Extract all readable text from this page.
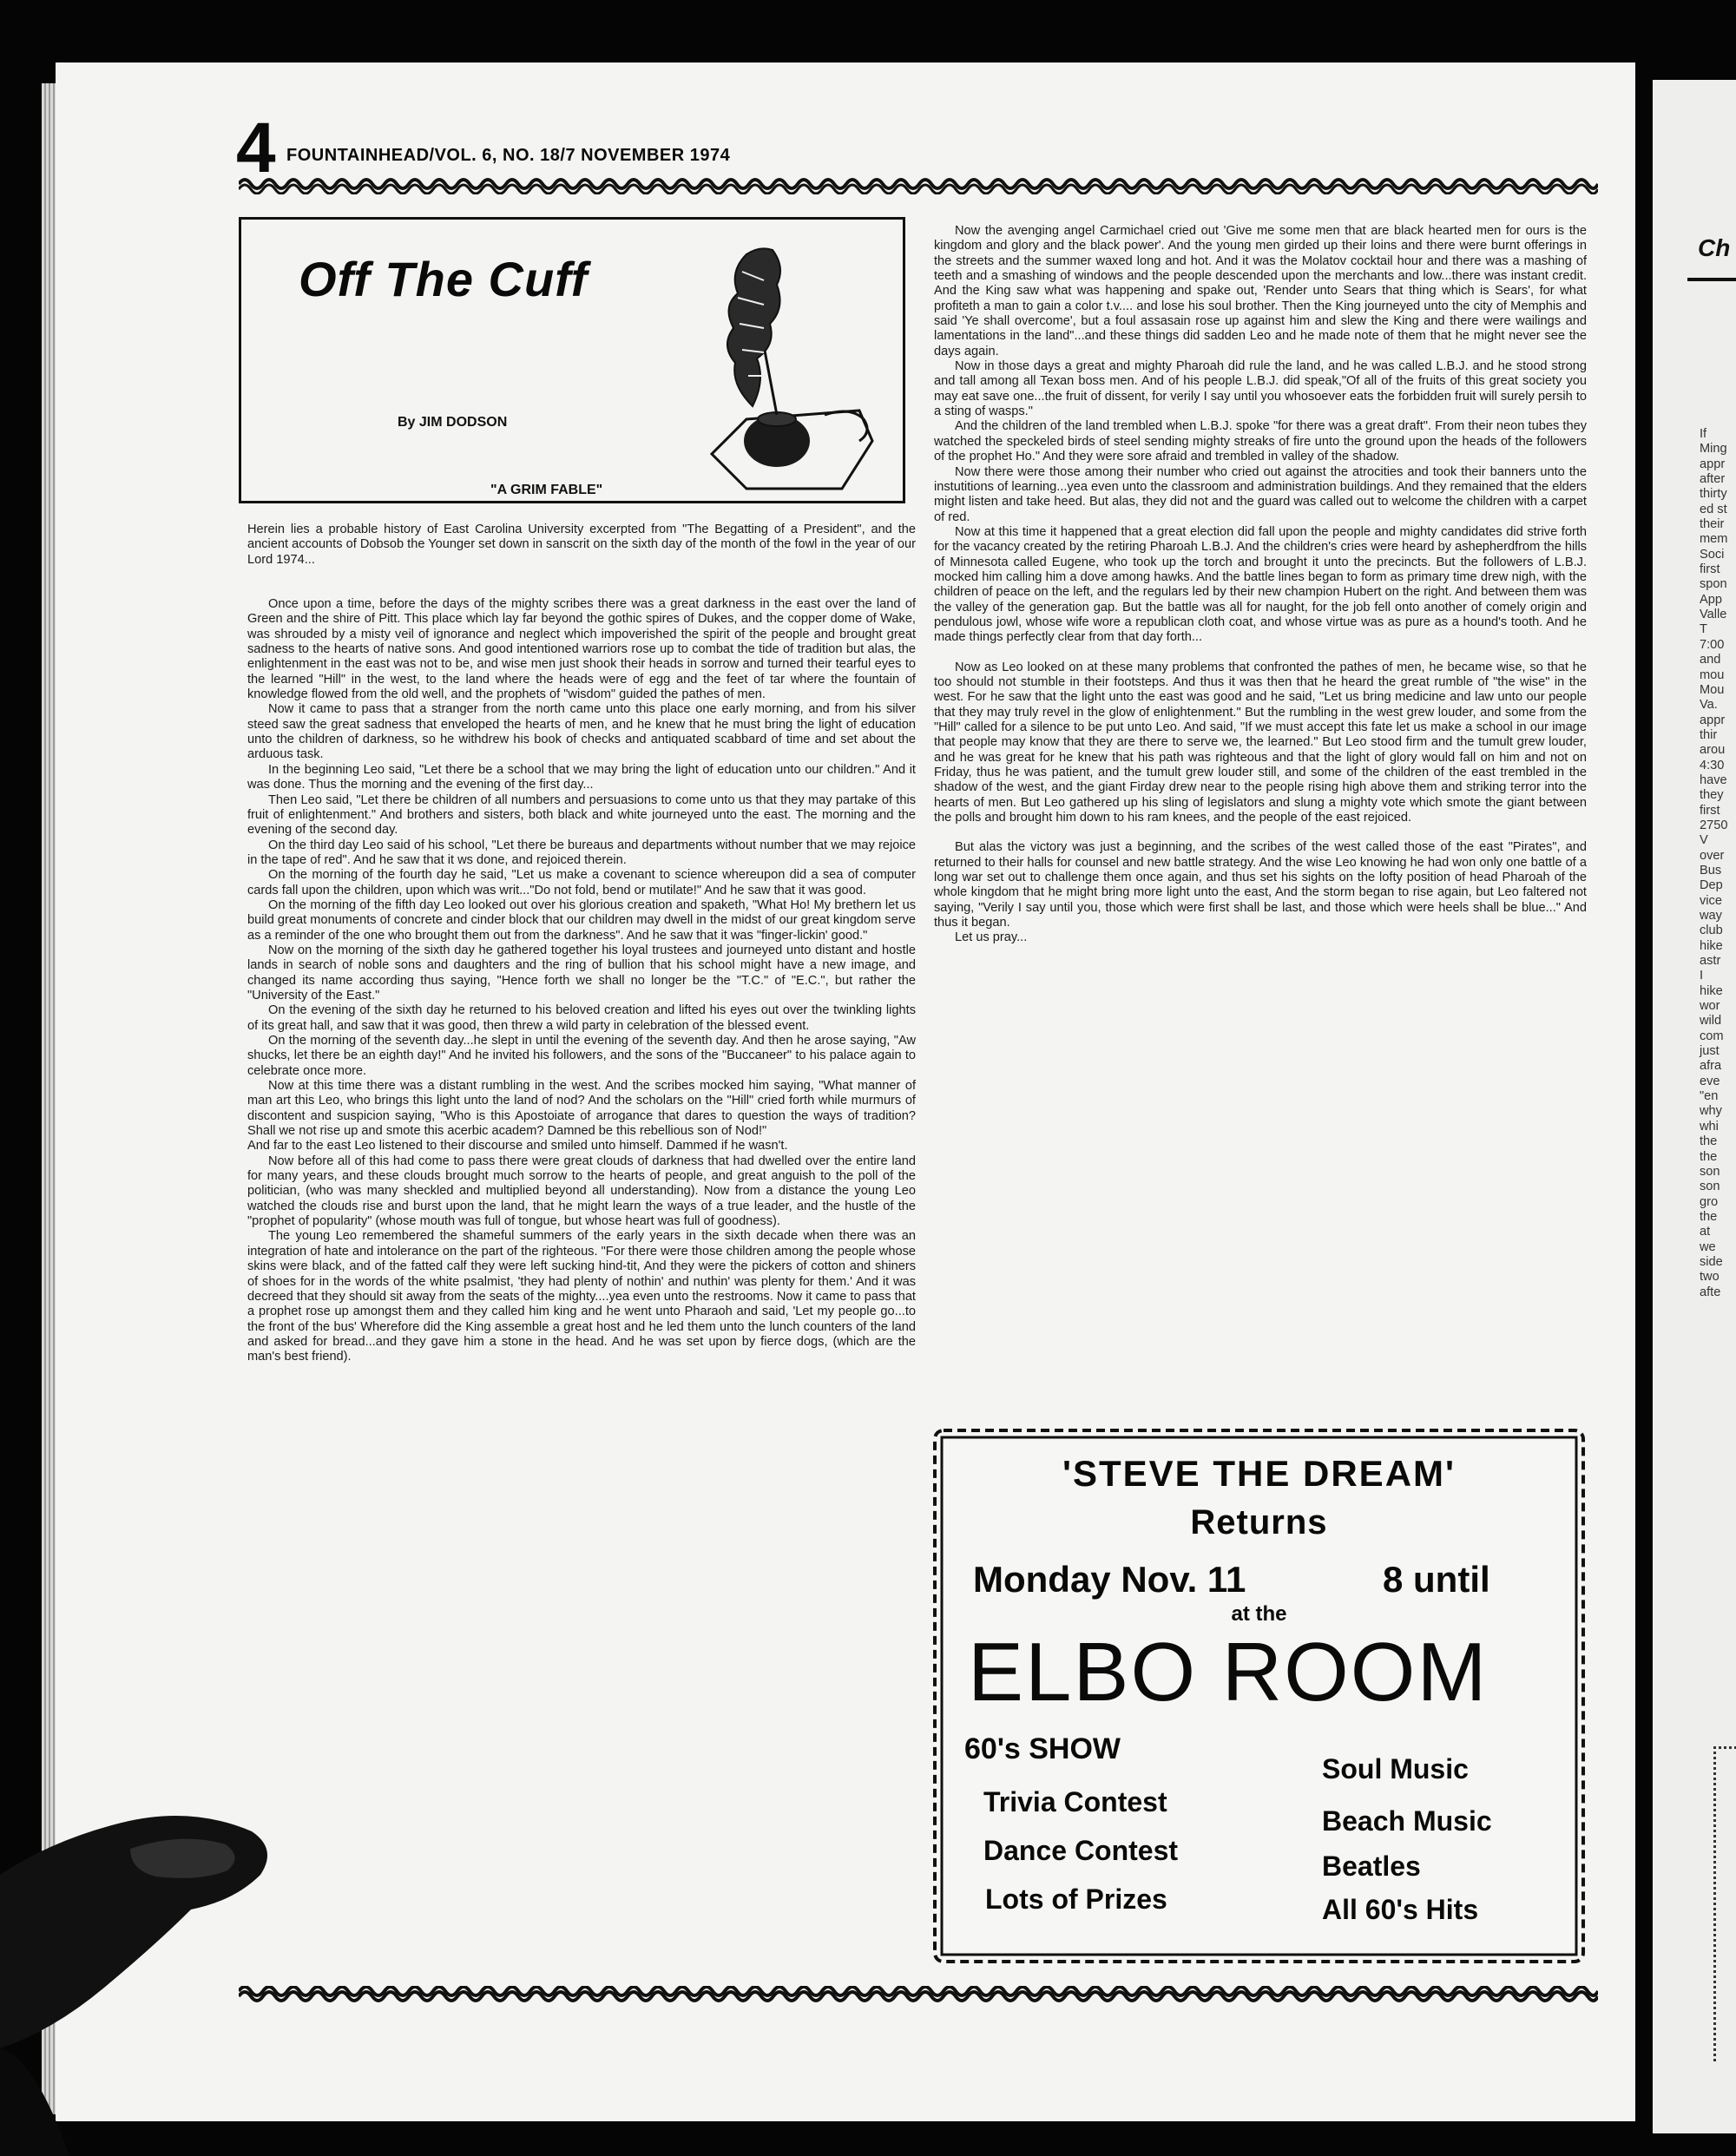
4 FOUNTAINHEAD/VOL. 6, NO. 18/7 NOVEMBER 1974
Off The Cuff
By JIM DODSON
"A GRIM FABLE"

Herein lies a probable history of East Carolina University excerpted from "The Begatting of a President", and the ancient accounts of Dobsob the Younger set down in sanscrit on the sixth day of the month of the fowl in the year of our Lord 1974...

Once upon a time, before the days of the mighty scribes there was a great darkness in the east over the land of Green and the shire of Pitt. This place which lay far beyond the gothic spires of Dukes, and the copper dome of Wake, was shrouded by a misty veil of ignorance and neglect which impoverished the spirit of the people and brought great sadness to the hearts of native sons. And good intentioned warriors rose up to combat the tide of tradition but alas, the enlightenment in the east was not to be, and wise men just shook their heads in sorrow and turned their tearful eyes to the learned "Hill" in the west, to the land where the heads were of egg and the feet of tar where the fountain of knowledge flowed from the old well, and the prophets of "wisdom" guided the pathes of men.

Now it came to pass that a stranger from the north came unto this place one early morning, and from his silver steed saw the great sadness that enveloped the hearts of men, and he knew that he must bring the light of education unto the children of darkness, so he withdrew his book of checks and antiquated scabbard of time and set about the arduous task.

In the beginning Leo said, "Let there be a school that we may bring the light of education unto our children." And it was done. Thus the morning and the evening of the first day...

Then Leo said, "Let there be children of all numbers and persuasions to come unto us that they may partake of this fruit of enlightenment." And brothers and sisters, both black and white journeyed unto the east. The morning and the evening of the second day.

On the third day Leo said of his school, "Let there be bureaus and departments without number that we may rejoice in the tape of red". And he saw that it ws done, and rejoiced therein.

On the morning of the fourth day he said, "Let us make a covenant to science whereupon did a sea of computer cards fall upon the children, upon which was writ..."Do not fold, bend or mutilate!" And he saw that it was good.

On the morning of the fifth day Leo looked out over his glorious creation and spaketh, "What Ho! My brethern let us build great monuments of concrete and cinder block that our children may dwell in the midst of our great kingdom serve as a reminder of the one who brought them out from the darkness". And he saw that it was "finger-lickin' good."

Now on the morning of the sixth day he gathered together his loyal trustees and journeyed unto distant and hostle lands in search of noble sons and daughters and the ring of bullion that his school might have a new image, and changed its name according thus saying, "Hence forth we shall no longer be the "T.C." of "E.C.", but rather the "University of the East."

On the evening of the sixth day he returned to his beloved creation and lifted his eyes out over the twinkling lights of its great hall, and saw that it was good, then threw a wild party in celebration of the blessed event.

On the morning of the seventh day...he slept in until the evening of the seventh day. And then he arose saying, "Aw shucks, let there be an eighth day!" And he invited his followers, and the sons of the "Buccaneer" to his palace again to celebrate once more.

Now at this time there was a distant rumbling in the west. And the scribes mocked him saying, "What manner of man art this Leo, who brings this light unto the land of nod? And the scholars on the "Hill" cried forth while murmurs of discontent and suspicion saying, "Who is this Apostoiate of arrogance that dares to question the ways of tradition? Shall we not rise up and smote this acerbic academ? Damned be this rebellious son of Nod!"

And far to the east Leo listened to their discourse and smiled unto himself. Dammed if he wasn't.

Now before all of this had come to pass there were great clouds of darkness that had dwelled over the entire land for many years, and these clouds brought much sorrow to the hearts of people, and great anguish to the poll of the politician, (who was many sheckled and multiplied beyond all understanding). Now from a distance the young Leo watched the clouds rise and burst upon the land, that he might learn the ways of a true leader, and the hustle of the "prophet of popularity" (whose mouth was full of tongue, but whose heart was full of goodness).

The young Leo remembered the shameful summers of the early years in the sixth decade when there was an integration of hate and intolerance on the part of the righteous. "For there were those children among the people whose skins were black, and of the fatted calf they were left sucking hind-tit, And they were the pickers of cotton and shiners of shoes for in the words of the white psalmist, 'they had plenty of nothin' and nuthin' was plenty for them.' And it was decreed that they should sit away from the seats of the mighty....yea even unto the restrooms. Now it came to pass that a prophet rose up amongst them and they called him king and he went unto Pharaoh and said, 'Let my people go...to the front of the bus' Wherefore did the King assemble a great host and he led them unto the lunch counters of the land and asked for bread...and they gave him a stone in the head. And he was set upon by fierce dogs, (which are the man's best friend).

Now the avenging angel Carmichael cried out 'Give me some men that are black hearted men for ours is the kingdom and glory and the black power'. And the young men girded up their loins and there were burnt offerings in the streets and the summer waxed long and hot. And it was the Molatov cocktail hour and there was a mashing of teeth and a smashing of windows and the people descended upon the merchants and low...there was instant credit. And the King saw what was happening and spake out, 'Render unto Sears that thing which is Sears', for what profiteth a man to gain a color t.v.... and lose his soul brother. Then the King journeyed unto the city of Memphis and said 'Ye shall overcome', but a foul assasain rose up against him and slew the King and there were wailings and lamentations in the land"...and these things did sadden Leo and he made note of them that he might never see the days again.

Now in those days a great and mighty Pharoah did rule the land, and he was called L.B.J. and he stood strong and tall among all Texan boss men. And of his people L.B.J. did speak,"Of all of the fruits of this great society you may eat save one...the fruit of dissent, for verily I say until you whosoever eats the forbidden fruit will surely persih to a sting of wasps."

And the children of the land trembled when L.B.J. spoke "for there was a great draft". From their neon tubes they watched the speckeled birds of steel sending mighty streaks of fire unto the ground upon the heads of the followers of the prophet Ho." And they were sore afraid and trembled in valley of the shadow.

Now there were those among their number who cried out against the atrocities and took their banners unto the instutitions of learning...yea even unto the classroom and administration buildings. And they remained that the elders might listen and take heed. But alas, they did not and the guard was called out to welcome the children with a carpet of red.

Now at this time it happened that a great election did fall upon the people and mighty candidates did strive forth for the vacancy created by the retiring Pharoah L.B.J. And the children's cries were heard by ashepherdfrom the hills of Minnesota called Eugene, who took up the torch and brought it unto the precincts. But the followers of L.B.J. mocked him calling him a dove among hawks. And the battle lines began to form as primary time drew nigh, with the children of peace on the left, and the regulars led by their new champion Hubert on the right. And between them was the valley of the generation gap. But the battle was all for naught, for the job fell onto another of comely origin and pendulous jowl, whose wife wore a republican cloth coat, and whose virtue was as pure as a hound's tooth. And he made things perfectly clear from that day forth...

Now as Leo looked on at these many problems that confronted the pathes of men, he became wise, so that he too should not stumble in their footsteps. And thus it was then that he heard the great rumble of "the wise" in the west. For he saw that the light unto the east was good and he said, "Let us bring medicine and law unto our people that they may truly revel in the glow of enlightenment." But the rumbling in the west grew louder, and some from the "Hill" called for a silence to be put unto Leo. And said, "If we must accept this fate let us make a school in our image that people may know that they are there to serve we, the learned." But Leo stood firm and the tumult grew louder, and he was great for he knew that his path was righteous and that the light of glory would fall on him and not on Friday, thus he was patient, and the tumult grew louder still, and some of the children of the east trembled in the shadow of the west, and the giant Firday drew near to the people rising high above them and striking terror into the hearts of men. But Leo gathered up his sling of legislators and slung a mighty vote which smote the giant between the polls and brought him down to his ram knees, and the people of the east rejoiced.

But alas the victory was just a beginning, and the scribes of the west called those of the east "Pirates", and returned to their halls for counsel and new battle strategy. And the wise Leo knowing he had won only one battle of a long war set out to challenge them once again, and thus set his sights on the lofty position of head Pharoah of the whole kingdom that he might bring more light unto the east, And the storm began to rise again, but Leo faltered not saying, "Verily I say until you, those which were first shall be last, and those which were heels shall be blue..." And thus it began.

Let us pray...

'STEVE THE DREAM'
Returns
Monday Nov. 11	8 until
at the
ELBO ROOM
60's SHOW
Trivia Contest
Dance Contest
Lots of Prizes
Soul Music
Beach Music
Beatles
All 60's Hits
Ch
If
Ming
appr
after
thirty
ed st
their
mem
Soci
first
spon
App
Valle
T
7:00
and
mou
Mou
Va.
appr
thir
arou
4:30
have
they
first
2750
V
over
Bus
Dep
vice
way
club
hike
astr
I
hike
wor
wild
com
just
afra
eve
"en
why
whi
the
the
son
son
gro
the
at
we
side
two
afte
